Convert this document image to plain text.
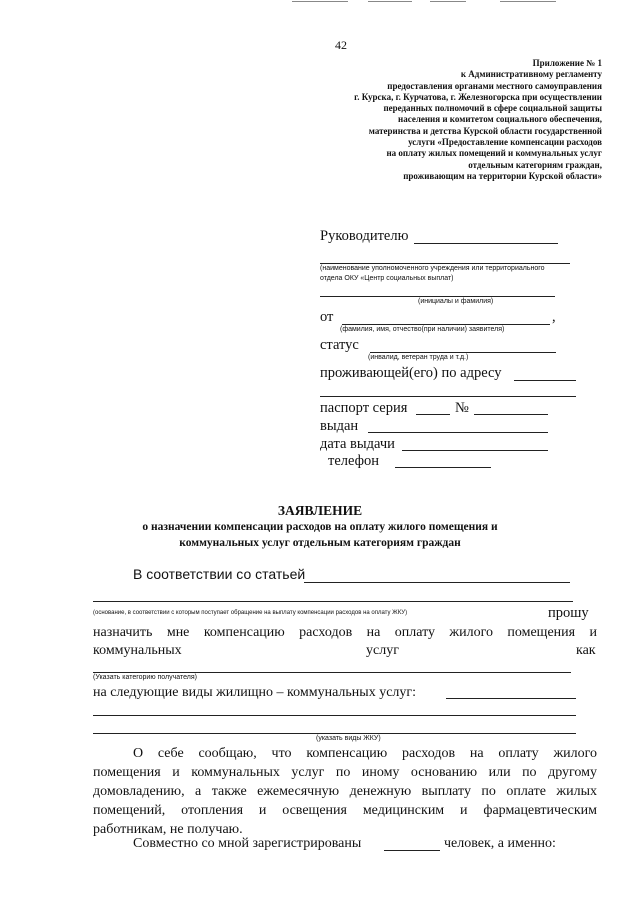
42
Приложение № 1
к Административному регламенту
предоставления органами местного самоуправления
г. Курска, г. Курчатова, г. Железногорска при осуществлении
переданных полномочий в сфере социальной защиты
населения и комитетом социального обеспечения,
материнства и детства Курской области государственной
услуги «Предоставление компенсации расходов
на оплату жилых помещений и коммунальных услуг
отдельным категориям граждан,
проживающим на территории Курской области»
Руководителю
(наименование уполномоченного учреждения или территориального
отдела ОКУ «Центр социальных выплат)
(инициалы и фамилия)
от	,
(фамилия, имя, отчество(при наличии) заявителя)
статус
(инвалид, ветеран труда и т.д.)
проживающей(его) по адресу
паспорт серия	№
выдан
дата выдачи
телефон
ЗАЯВЛЕНИЕ
о назначении компенсации расходов на оплату жилого помещения и
коммунальных услуг отдельным категориям граждан
В соответствии со статьей
(основание, в соответствии с которым поступает обращение на выплату компенсации расходов на оплату ЖКУ)	прошу
назначить мне компенсацию расходов на оплату жилого помещения и
коммунальных	услуг	как
(Указать категорию получателя)
на следующие виды жилищно – коммунальных услуг:
(указать виды ЖКУ)
О себе сообщаю, что компенсацию расходов на оплату жилого
помещения и коммунальных услуг по иному основанию или по другому
домовладению, а также ежемесячную денежную выплату по оплате жилых
помещений, отопления и освещения медицинским и фармацевтическим
работникам, не получаю.
Совместно со мной зарегистрированы	человек, а именно:
